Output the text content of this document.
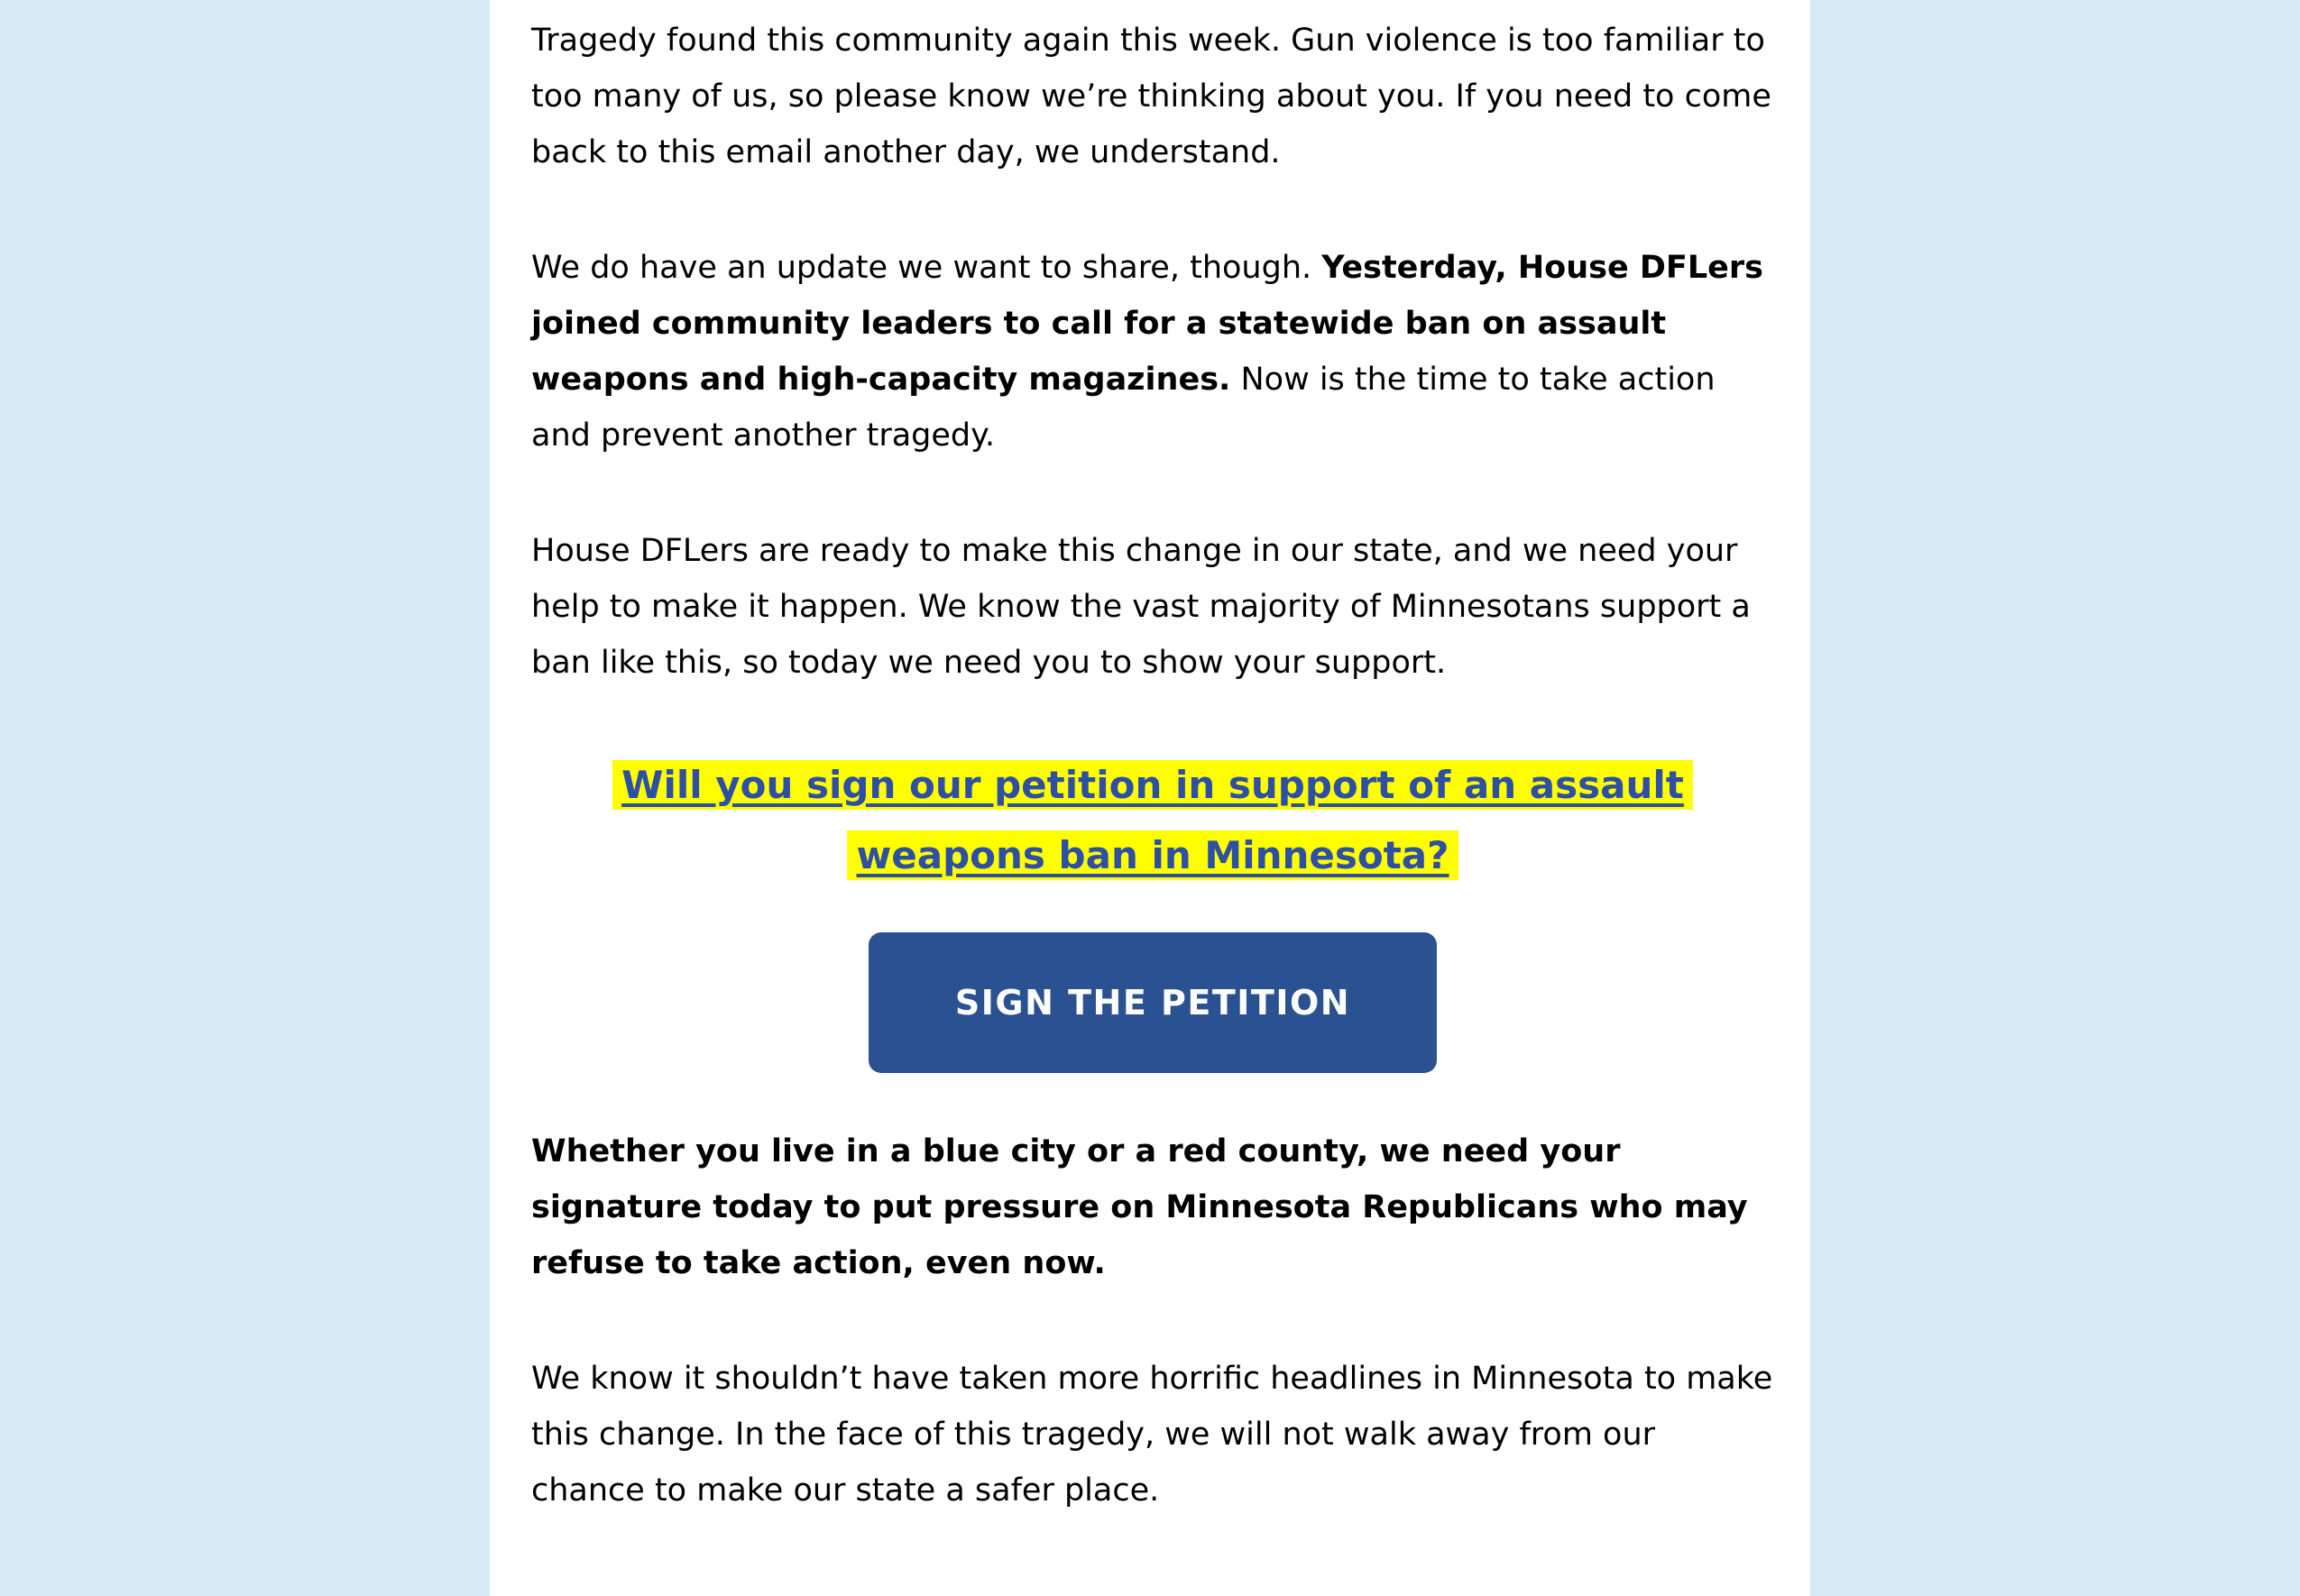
Tragedy found this community again this week. Gun violence is too familiar to too many of us, so please know we’re thinking about you. If you need to come back to this email another day, we understand.

We do have an update we want to share, though. Yesterday, House DFLers joined community leaders to call for a statewide ban on assault weapons and high-capacity magazines. Now is the time to take action and prevent another tragedy.

House DFLers are ready to make this change in our state, and we need your help to make it happen. We know the vast majority of Minnesotans support a ban like this, so today we need you to show your support.

Will you sign our petition in support of an assault weapons ban in Minnesota?
SIGN THE PETITION

Whether you live in a blue city or a red county, we need your signature today to put pressure on Minnesota Republicans who may refuse to take action, even now.

We know it shouldn’t have taken more horrific headlines in Minnesota to make this change. In the face of this tragedy, we will not walk away from our chance to make our state a safer place.
